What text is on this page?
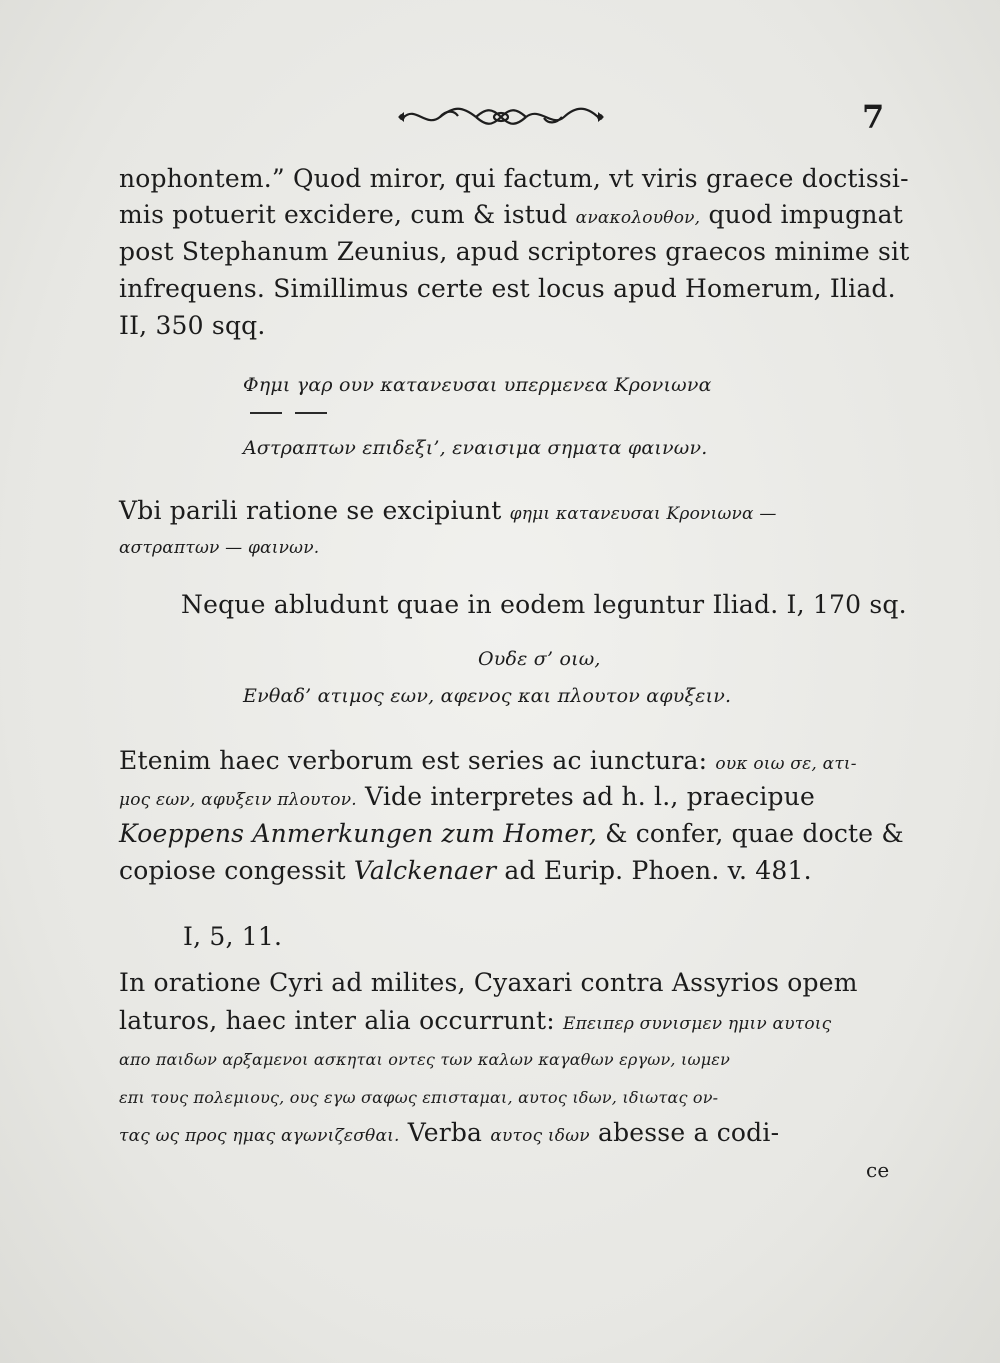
7
nophontem.” Quod miror, qui factum, vt viris graece doctissi-
mis potuerit excidere, cum & istud ανακολουθον, quod impugnat
post Stephanum Zeunius, apud scriptores graecos minime sit
infrequens. Simillimus certe est locus apud Homerum, Iliad.
II, 350 sqq.
Φημι γαρ ουν κατανευσαι υπερμενεα Κρονιωνα
Αστραπτων επιδεξι’, εναισιμα σηματα φαινων.
Vbi parili ratione se excipiunt φημι κατανευσαι Κρονιωνα —
αστραπτων — φαινων.
Neque abludunt quae in eodem leguntur Iliad. I, 170 sq.
Ουδε σ’ οιω,
Ενθαδ’ ατιμος εων, αφενος και πλουτον αφυξειν.
Etenim haec verborum est series ac iunctura: ουκ οιω σε, ατι-
μος εων, αφυξειν πλουτον. Vide interpretes ad h. l., praecipue
Koeppens Anmerkungen zum Homer, & confer, quae docte &
copiose congessit Valckenaer ad Eurip. Phoen. v. 481.
I, 5, 11.
In oratione Cyri ad milites, Cyaxari contra Assyrios opem
laturos, haec inter alia occurrunt: Επειπερ συνισμεν ημιν αυτοις
απο παιδων αρξαμενοι ασκηται οντες των καλων καγαθων εργων, ιωμεν
επι τους πολεμιους, ους εγω σαφως επισταμαι, αυτος ιδων, ιδιωτας ον-
τας ως προς ημας αγωνιζεσθαι. Verba αυτος ιδων abesse a codi-
ce
